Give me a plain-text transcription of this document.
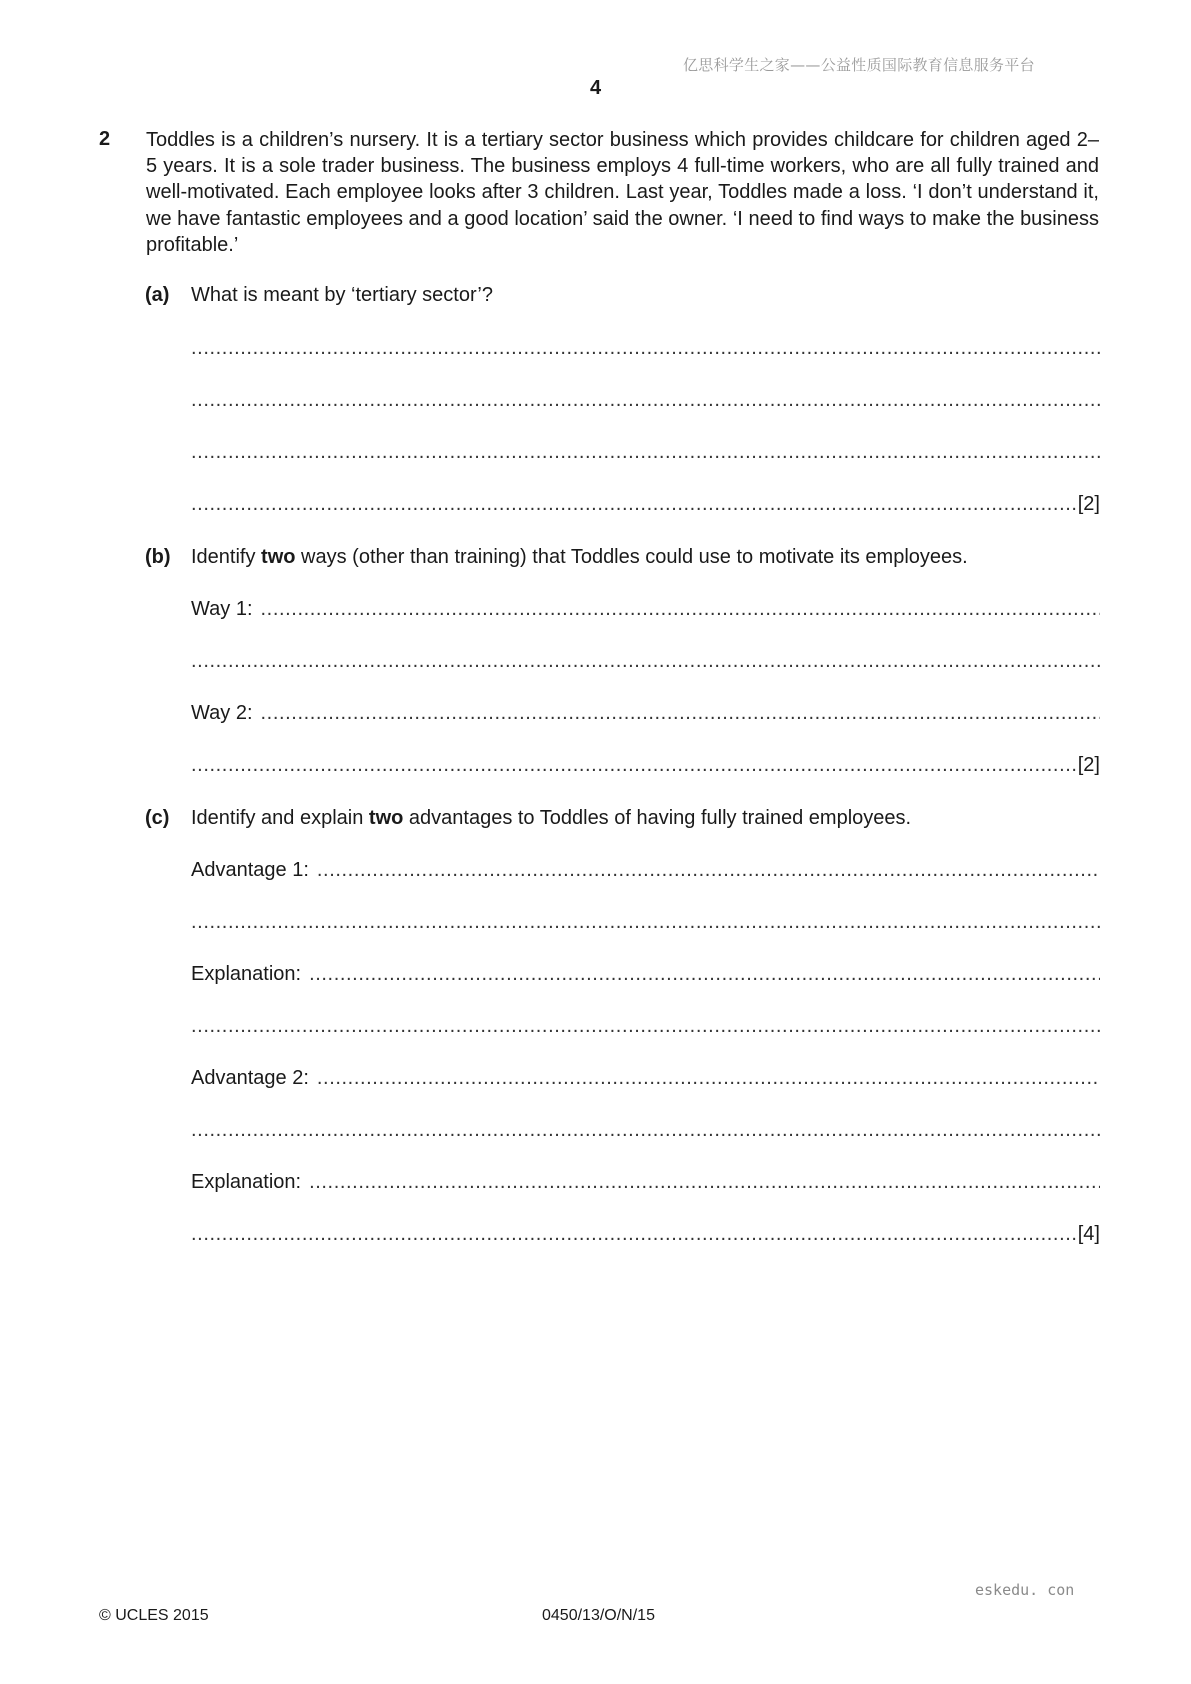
亿思科学生之家——公益性质国际教育信息服务平台
4
2 Toddles is a children’s nursery. It is a tertiary sector business which provides childcare for children aged 2–5 years. It is a sole trader business. The business employs 4 full-time workers, who are all fully trained and well-motivated. Each employee looks after 3 children. Last year, Toddles made a loss. ‘I don’t understand it, we have fantastic employees and a good location’ said the owner. ‘I need to find ways to make the business profitable.’
(a) What is meant by ‘tertiary sector’?
.....
.....
.....
.....
[2]
(b) Identify two ways (other than training) that Toddles could use to motivate its employees.
Way 1:
.....
.....
Way 2:
.....
.....
[2]
(c) Identify and explain two advantages to Toddles of having fully trained employees.
Advantage 1:
.....
.....
Explanation:
.....
.....
Advantage 2:
.....
.....
Explanation:
.....
.....
[4]
eskedu. con
© UCLES 2015	0450/13/O/N/15
